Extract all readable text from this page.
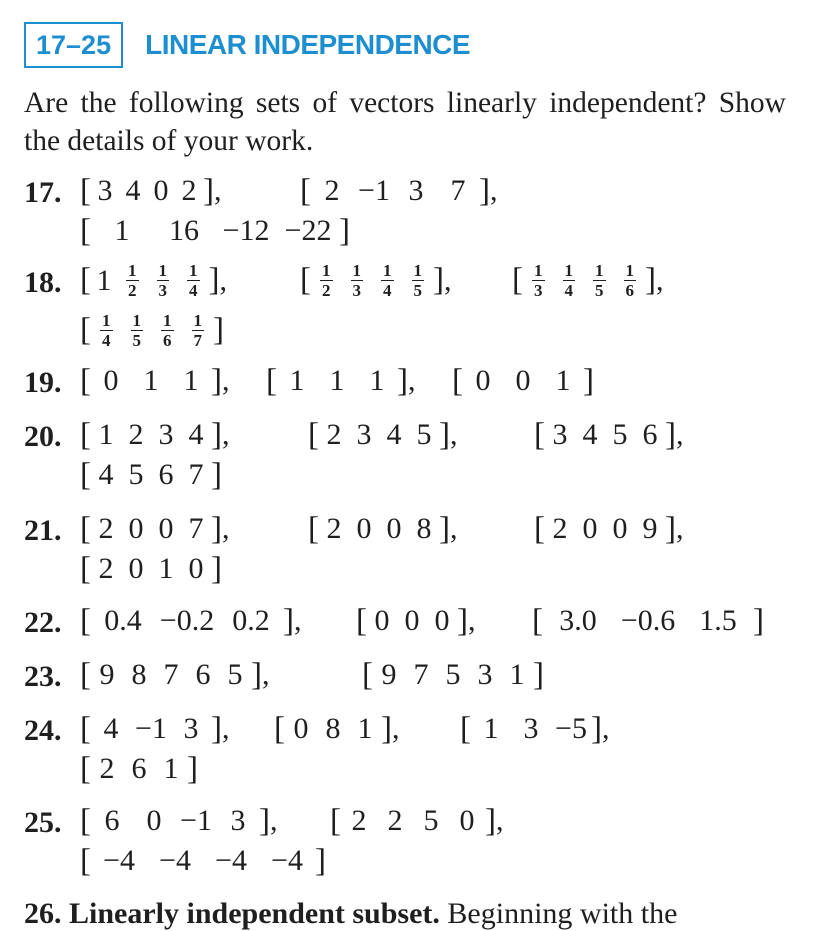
17–25 LINEAR INDEPENDENCE
Are the following sets of vectors linearly independent? Show the details of your work.
17. [ 3 4 0 2 ] , [ 2 −1 3 7 ] ,
[ 1	16 −12 −22 ]
18. [ $1 \frac{1}{2} \frac{1}{3} \frac{1}{4}$ ] , [ $\frac{1}{2} \frac{1}{3} \frac{1}{4} \frac{1}{5}$ ] , [ $\frac{1}{3} \frac{1}{4} \frac{1}{5} \frac{1}{6}$ ] ,
[ $\frac{1}{4} \frac{1}{5} \frac{1}{6} \frac{1}{7}$ ]
19. [ 0 1 1 ] , [ 1 1 1 ] , [ 0 0 1 ]
20. [ 1 2 3 4 ] , [ 2 3 4 5 ] , [ 3 4 5 6 ] ,
[ 4 5 6 7 ]
21. [ 2 0 0 7 ] , [ 2 0 0 8 ] , [ 2 0 0 9 ] ,
[ 2 0 1 0 ]
22. [ 0.4 −0.2 0.2 ] , [ 0 0 0 ] , [ 3.0 −0.6 1.5 ]
23. [ 9 8 7 6 5 ] ,	[ 9 7 5 3 1 ]
24. [ 4 −1 3 ] , [ 0 8 1 ] , [ 1 3 −5 ] ,
[ 2 6 1 ]
25. [ 6 0 −1 3 ] , [ 2 2 5 0 ] ,
[ −4 −4 −4 −4 ]
26. Linearly independent subset. Beginning with the
